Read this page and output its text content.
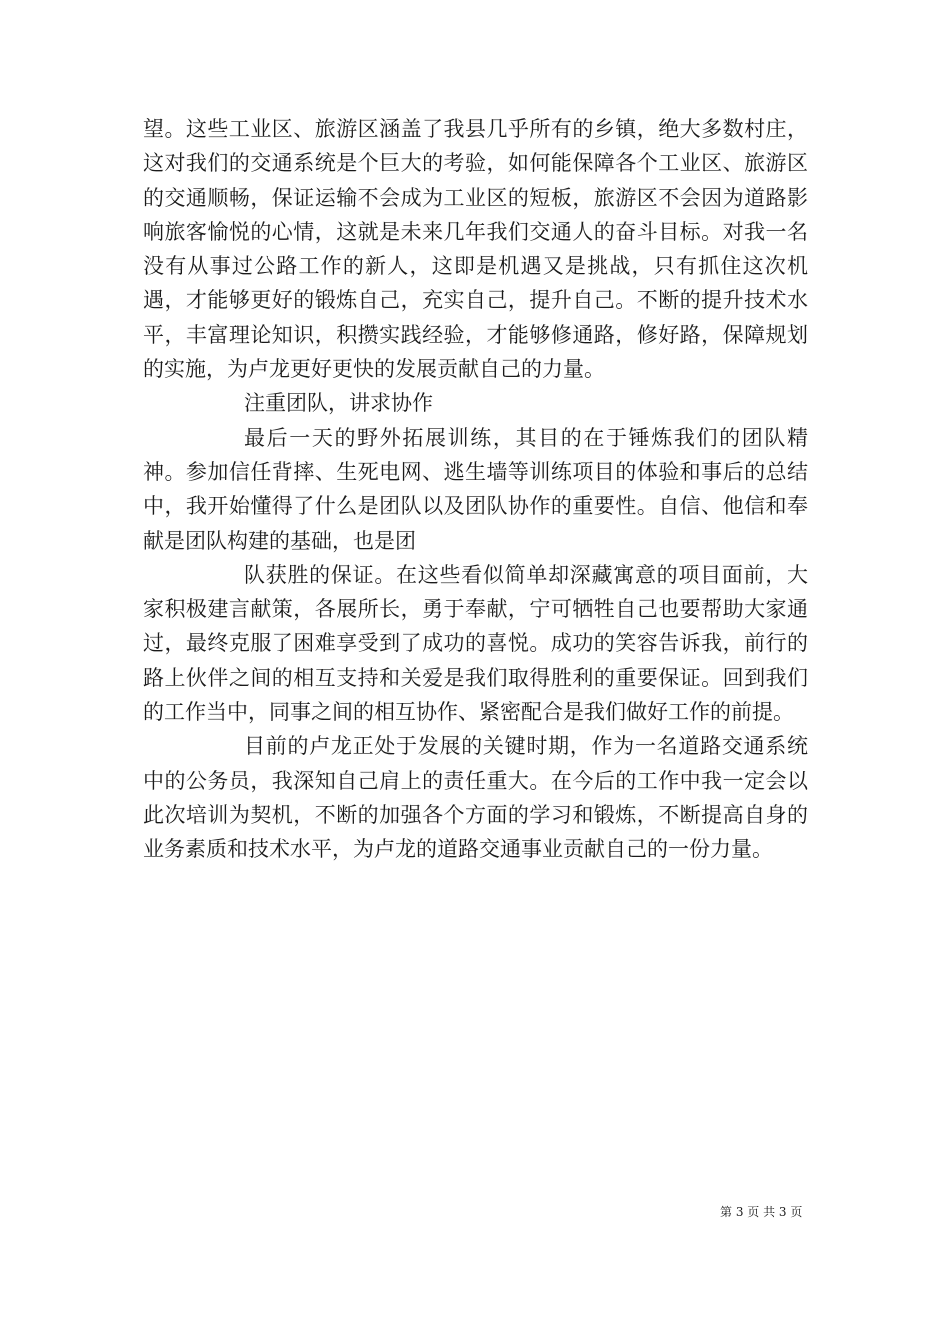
望。这些工业区、旅游区涵盖了我县几乎所有的乡镇，绝大多数村庄，这对我们的交通系统是个巨大的考验，如何能保障各个工业区、旅游区的交通顺畅，保证运输不会成为工业区的短板，旅游区不会因为道路影响旅客愉悦的心情，这就是未来几年我们交通人的奋斗目标。对我一名没有从事过公路工作的新人，这即是机遇又是挑战，只有抓住这次机遇，才能够更好的锻炼自己，充实自己，提升自己。不断的提升技术水平，丰富理论知识，积攒实践经验，才能够修通路，修好路，保障规划的实施，为卢龙更好更快的发展贡献自己的力量。

注重团队，讲求协作

最后一天的野外拓展训练，其目的在于锤炼我们的团队精神。参加信任背摔、生死电网、逃生墙等训练项目的体验和事后的总结中，我开始懂得了什么是团队以及团队协作的重要性。自信、他信和奉献是团队构建的基础，也是团

队获胜的保证。在这些看似简单却深藏寓意的项目面前，大家积极建言献策，各展所长，勇于奉献，宁可牺牲自己也要帮助大家通过，最终克服了困难享受到了成功的喜悦。成功的笑容告诉我，前行的路上伙伴之间的相互支持和关爱是我们取得胜利的重要保证。回到我们的工作当中，同事之间的相互协作、紧密配合是我们做好工作的前提。

目前的卢龙正处于发展的关键时期，作为一名道路交通系统中的公务员，我深知自己肩上的责任重大。在今后的工作中我一定会以此次培训为契机，不断的加强各个方面的学习和锻炼，不断提高自身的业务素质和技术水平，为卢龙的道路交通事业贡献自己的一份力量。

第 3 页 共 3 页
